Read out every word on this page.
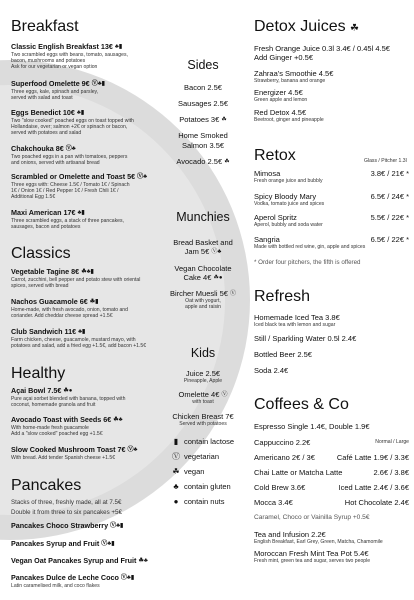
Breakfast
Classic English Breakfast 13€ ♣▮
Two scrambled eggs with beans, tomato, sausages,
bacon, mushrooms and potatoes
Ask for our vegetarian or vegan option
Superfood Omelette 9€ Ⓥ♣▮
Three eggs, kale, spinach and parsley,
served with salad and toast
Eggs Benedict 10€ ♣▮
Two "slow cooked" poached eggs on toast topped with
Hollandaise, over; salmon +2€ or spinach or bacon,
served with potatoes and salad
Chakchouka 8€ Ⓥ♣
Two poached eggs in a pan with tomatoes, peppers
and onions, served with artisanal bread
Scrambled or Omelette and Toast 5€ Ⓥ♣
Three eggs with: Cheese 1.5€ / Tomato 1€ / Spinach
1€ / Onion 1€ / Red Pepper 1€ / Fresh Chili 1€ /
Additional Egg 1.5€
Maxi American 17€ ♣▮
Three scrambled eggs, a stack of three pancakes,
sausages, bacon and potatoes
Classics
Vegetable Tagine 8€ ☘♣▮
Carrot, zucchini, bell pepper and potato stew with oriental
spices, served with bread
Nachos Guacamole 6€ ☘▮
Home-made, with fresh avocado, onion, tomato and
coriander. Add cheddar cheese spread +1.5€
Club Sandwich 11€ ♣▮
Farm chicken, cheese, guacamole, mustard mayo, with
potatoes and salad, add a fried egg +1.5€, add bacon +1.5€
Healthy
Açai Bowl 7.5€ ☘●
Pure açai sorbet blended with banana, topped with
coconut, homemade granola and fruit
Avocado Toast with Seeds 6€ ☘♣
With home-made fresh guacamole
Add a "slow cooked" poached egg +1.5€
Slow Cooked Mushroom Toast 7€ Ⓥ♣
With bread. Add tender Spanish cheese +1.5€
Pancakes
Stacks of three, freshly made, all at 7.5€
Double it from three to six pancakes +5€
Pancakes Choco Strawberry Ⓥ♣▮
Pancakes Syrup and Fruit Ⓥ♣▮
Vegan Oat Pancakes Syrup and Fruit ☘♣
Pancakes Dulce de Leche Coco Ⓥ♣▮
Latin caramelised milk, and coco flakes
Sides
Bacon 2.5€
Sausages 2.5€
Potatoes 3€ ☘
Home Smoked
Salmon 3.5€
Avocado 2.5€ ☘
Munchies
Bread Basket and
Jam 5€ Ⓥ♣
Vegan Chocolate
Cake 4€ ☘●
Bircher Muesli 5€ Ⓥ
Oat with yogurt,
apple and raisin
Kids
Juice 2.5€
Pineapple, Apple
Omelette 4€ Ⓥ
with toast
Chicken Breast 7€
Served with potatoes
▮ contain lactose
Ⓥ vegetarian
☘ vegan
♣ contain gluten
● contain nuts
Detox Juices ☘
Fresh Orange Juice 0.3l 3.4€ / 0.45l 4.5€
Add Ginger +0.5€
Zahraa's Smoothie 4.5€
Strawberry, banana and orange
Energizer 4.5€
Green apple and lemon
Red Detox 4.5€
Beetroot, ginger and pineapple
Retox	Glass / Pitcher 1.3l
Mimosa	3.8€ / 21€ *
Fresh orange juice and bubbly
Spicy Bloody Mary	6.5€ / 24€ *
Vodka, tomato juice and spices
Aperol Spritz	5.5€ / 22€ *
Aperol, bubbly and soda water
Sangria	6.5€ / 22€ *
Made with bottled red wine, gin, apple and spices
* Order four pitchers, the fifth is offered
Refresh
Homemade Iced Tea 3.8€
Iced black tea with lemon and sugar
Still / Sparkling Water 0.5l 2.4€
Bottled Beer 2.5€
Soda 2.4€
Coffees & Co
Espresso Single 1.4€, Double 1.9€
Cappuccino 2.2€	Normal / Large
Americano 2€ / 3€	Café Latte 1.9€ / 3.3€
Chai Latte or Matcha Latte	2.6€ / 3.8€
Cold Brew 3.6€	Iced Latte 2.4€ / 3.6€
Mocca 3.4€	Hot Chocolate 2.4€
Caramel, Choco or Vainilla Syrup +0.5€
Tea and Infusion 2.2€
English Breakfast, Earl Grey, Green, Matcha, Chamomile
Moroccan Fresh Mint Tea Pot 5.4€
Fresh mint, green tea and sugar, serves two people
